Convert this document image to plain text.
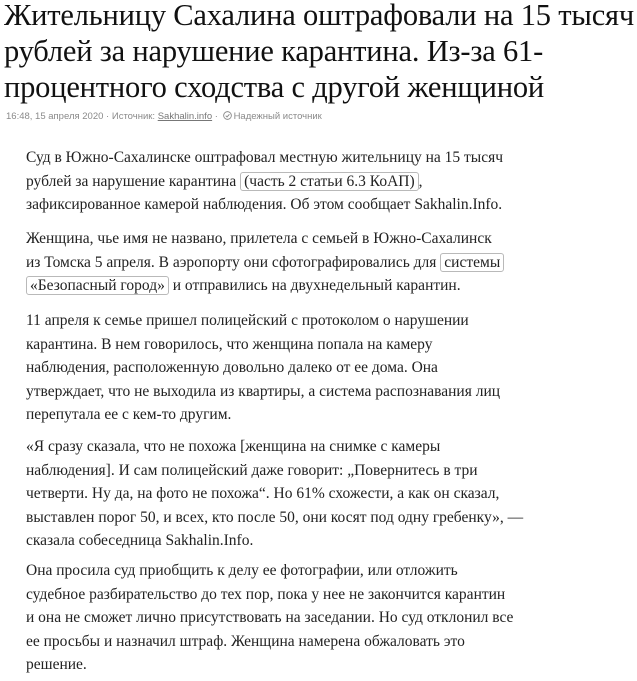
Жительницу Сахалина оштрафовали на 15 тысяч
рублей за нарушение карантина. Из-за 61-
процентного сходства с другой женщиной
16:48, 15 апреля 2020 · Источник: Sakhalin.info · Надежный источник

Суд в Южно-Сахалинске оштрафовал местную жительницу на 15 тысяч
рублей за нарушение карантина (часть 2 статьи 6.3 КоАП) ,
зафиксированное камерой наблюдения. Об этом сообщает Sakhalin.Info.

Женщина, чье имя не названо, прилетела с семьей в Южно-Сахалинск
из Томска 5 апреля. В аэропорту они сфотографировались для системы
«Безопасный город» и отправились на двухнедельный карантин.

11 апреля к семье пришел полицейский с протоколом о нарушении
карантина. В нем говорилось, что женщина попала на камеру
наблюдения, расположенную довольно далеко от ее дома. Она
утверждает, что не выходила из квартиры, а система распознавания лиц
перепутала ее с кем-то другим.

«Я сразу сказала, что не похожа [женщина на снимке с камеры
наблюдения]. И сам полицейский даже говорит: „Повернитесь в три
четверти. Ну да, на фото не похожа“. Но 61% схожести, а как он сказал,
выставлен порог 50, и всех, кто после 50, они косят под одну гребенку», —
сказала собеседница Sakhalin.Info.

Она просила суд приобщить к делу ее фотографии, или отложить
судебное разбирательство до тех пор, пока у нее не закончится карантин
и она не сможет лично присутствовать на заседании. Но суд отклонил все
ее просьбы и назначил штраф. Женщина намерена обжаловать это
решение.
